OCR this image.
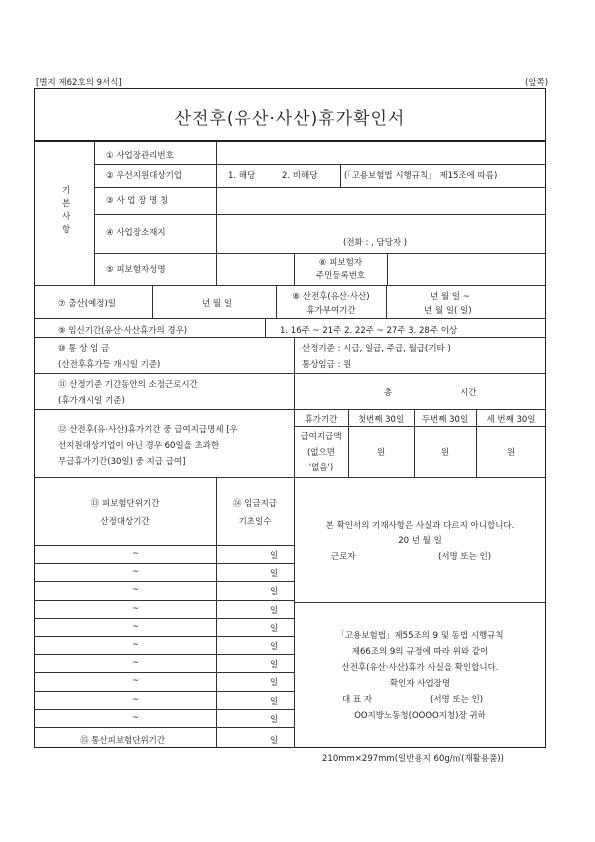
[별지 제62호의 9서식]	(앞쪽)
산전후(유산·사산)휴가확인서
기
본
사
항
① 사업장관리번호
② 우선지원대상기업	1. 해당	2. 비해당	(「고용보험법 시행규칙」 제15조에 따름)
③ 사 업 장 명 칭
④ 사업장소재지
(전화 : , 담당자 )
⑤ 피보험자성명
⑥ 피보험자
주민등록번호
⑦ 출산(예정)일	년 월 일
⑧ 산전후(유산·사산)
휴가부여기간
년 월 일 ~
년 월 일( 일)
⑨ 임신기간(유산·사산휴가의 경우)	1. 16주 ~ 21주 2. 22주 ~ 27주 3. 28주 이상
⑩ 통 상 임 금
(산전후휴가등 개시일 기준)
산정기준 : 시급, 일급, 주급, 월급(기타 )
통상임금 : 원
⑪ 산정기준 기간동안의 소정근로시간
(휴가개시일 기준)
총	시간
⑫ 산전후(유·사산)휴가기간 중 급여지급명세 [우
선지원대상기업이 아닌 경우 60일을 초과한
무급휴가기간(30일) 중 지급 급여]
휴가기간	첫번째 30일	두번째 30일	세 번째 30일
급여지급액
(없으면
'없음')
원	원	원
⑬ 피보험단위기간
산정대상기간
⑭ 임금지급
기초일수
~	일
~	일
~	일
~	일
~	일
~	일
~	일
~	일
~	일
~	일
⑮ 통산피보험단위기간	일
본 확인서의 기재사항은 사실과 다르지 아니합니다.
20 년 월 일
근로자	(서명 또는 인)
「고용보험법」제55조의 9 및 동법 시행규칙
제66조의 9의 규정에 따라 위와 같이
산전후(유산·사산)휴가 사실을 확인합니다.
확인자 사업장명
대 표 자	(서명 또는 인)
OO지방노동청(OOOO지청)장 귀하
210mm×297mm(일반용지 60g/㎡(재활용품))
